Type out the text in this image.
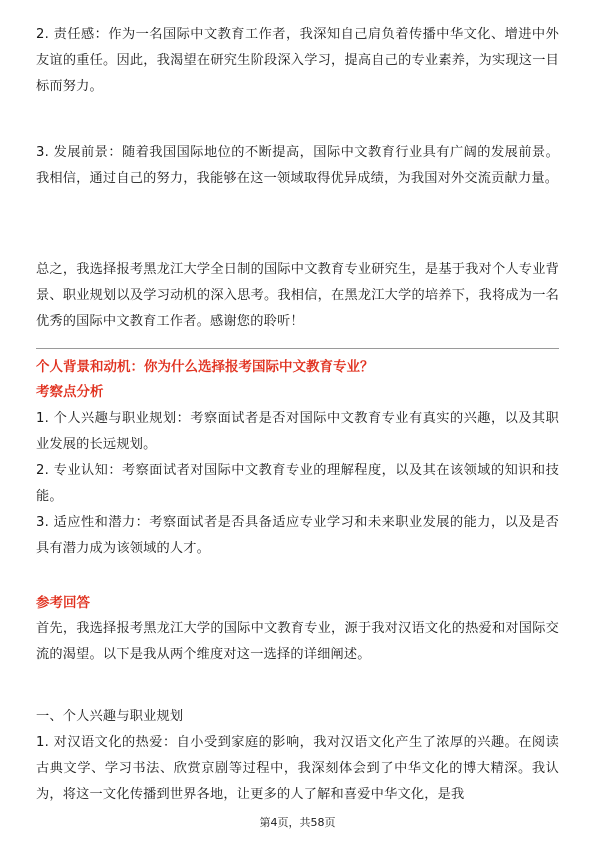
2. 责任感：作为一名国际中文教育工作者，我深知自己肩负着传播中华文化、增进中外友谊的重任。因此，我渴望在研究生阶段深入学习，提高自己的专业素养，为实现这一目标而努力。

3. 发展前景：随着我国国际地位的不断提高，国际中文教育行业具有广阔的发展前景。我相信，通过自己的努力，我能够在这一领域取得优异成绩，为我国对外交流贡献力量。

总之，我选择报考黑龙江大学全日制的国际中文教育专业研究生，是基于我对个人专业背景、职业规划以及学习动机的深入思考。我相信，在黑龙江大学的培养下，我将成为一名优秀的国际中文教育工作者。感谢您的聆听！

个人背景和动机：你为什么选择报考国际中文教育专业？

考察点分析

1. 个人兴趣与职业规划：考察面试者是否对国际中文教育专业有真实的兴趣，以及其职业发展的长远规划。

2. 专业认知：考察面试者对国际中文教育专业的理解程度，以及其在该领域的知识和技能。

3. 适应性和潜力：考察面试者是否具备适应专业学习和未来职业发展的能力，以及是否具有潜力成为该领域的人才。

参考回答

首先，我选择报考黑龙江大学的国际中文教育专业，源于我对汉语文化的热爱和对国际交流的渴望。以下是我从两个维度对这一选择的详细阐述。

一、个人兴趣与职业规划

1. 对汉语文化的热爱：自小受到家庭的影响，我对汉语文化产生了浓厚的兴趣。在阅读古典文学、学习书法、欣赏京剧等过程中，我深刻体会到了中华文化的博大精深。我认为，将这一文化传播到世界各地，让更多的人了解和喜爱中华文化，是我

第4页，共58页
